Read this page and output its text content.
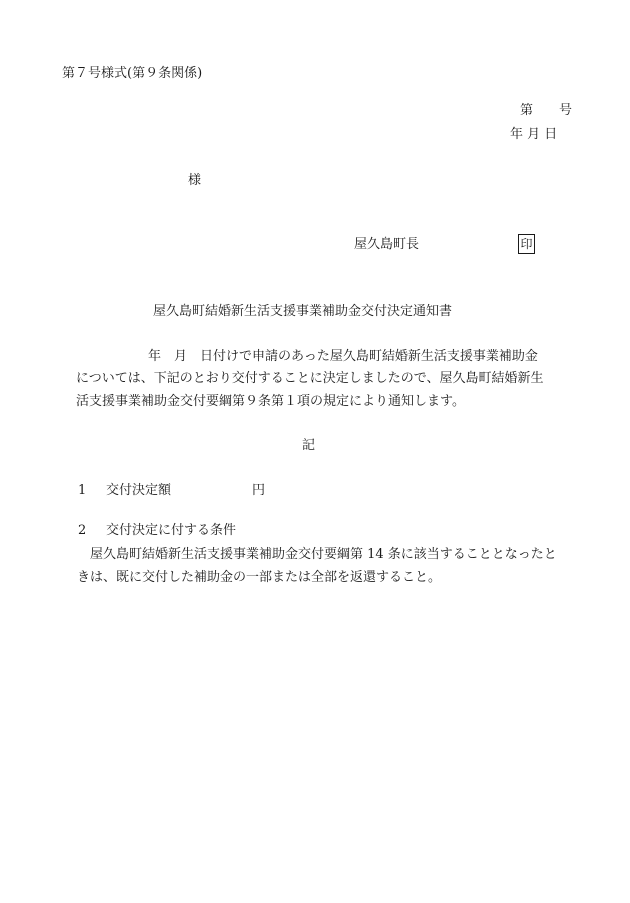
第７号様式(第９条関係)
第　　号
年 月 日
様
屋久島町長	印
屋久島町結婚新生活支援事業補助金交付決定通知書
年　月　日付けで申請のあった屋久島町結婚新生活支援事業補助金
については、下記のとおり交付することに決定しましたので、屋久島町結婚新生
活支援事業補助金交付要綱第９条第１項の規定により通知します。
記
1 交付決定額	円
2 交付決定に付する条件
屋久島町結婚新生活支援事業補助金交付要綱第 14 条に該当することとなったと
きは、既に交付した補助金の一部または全部を返還すること。
